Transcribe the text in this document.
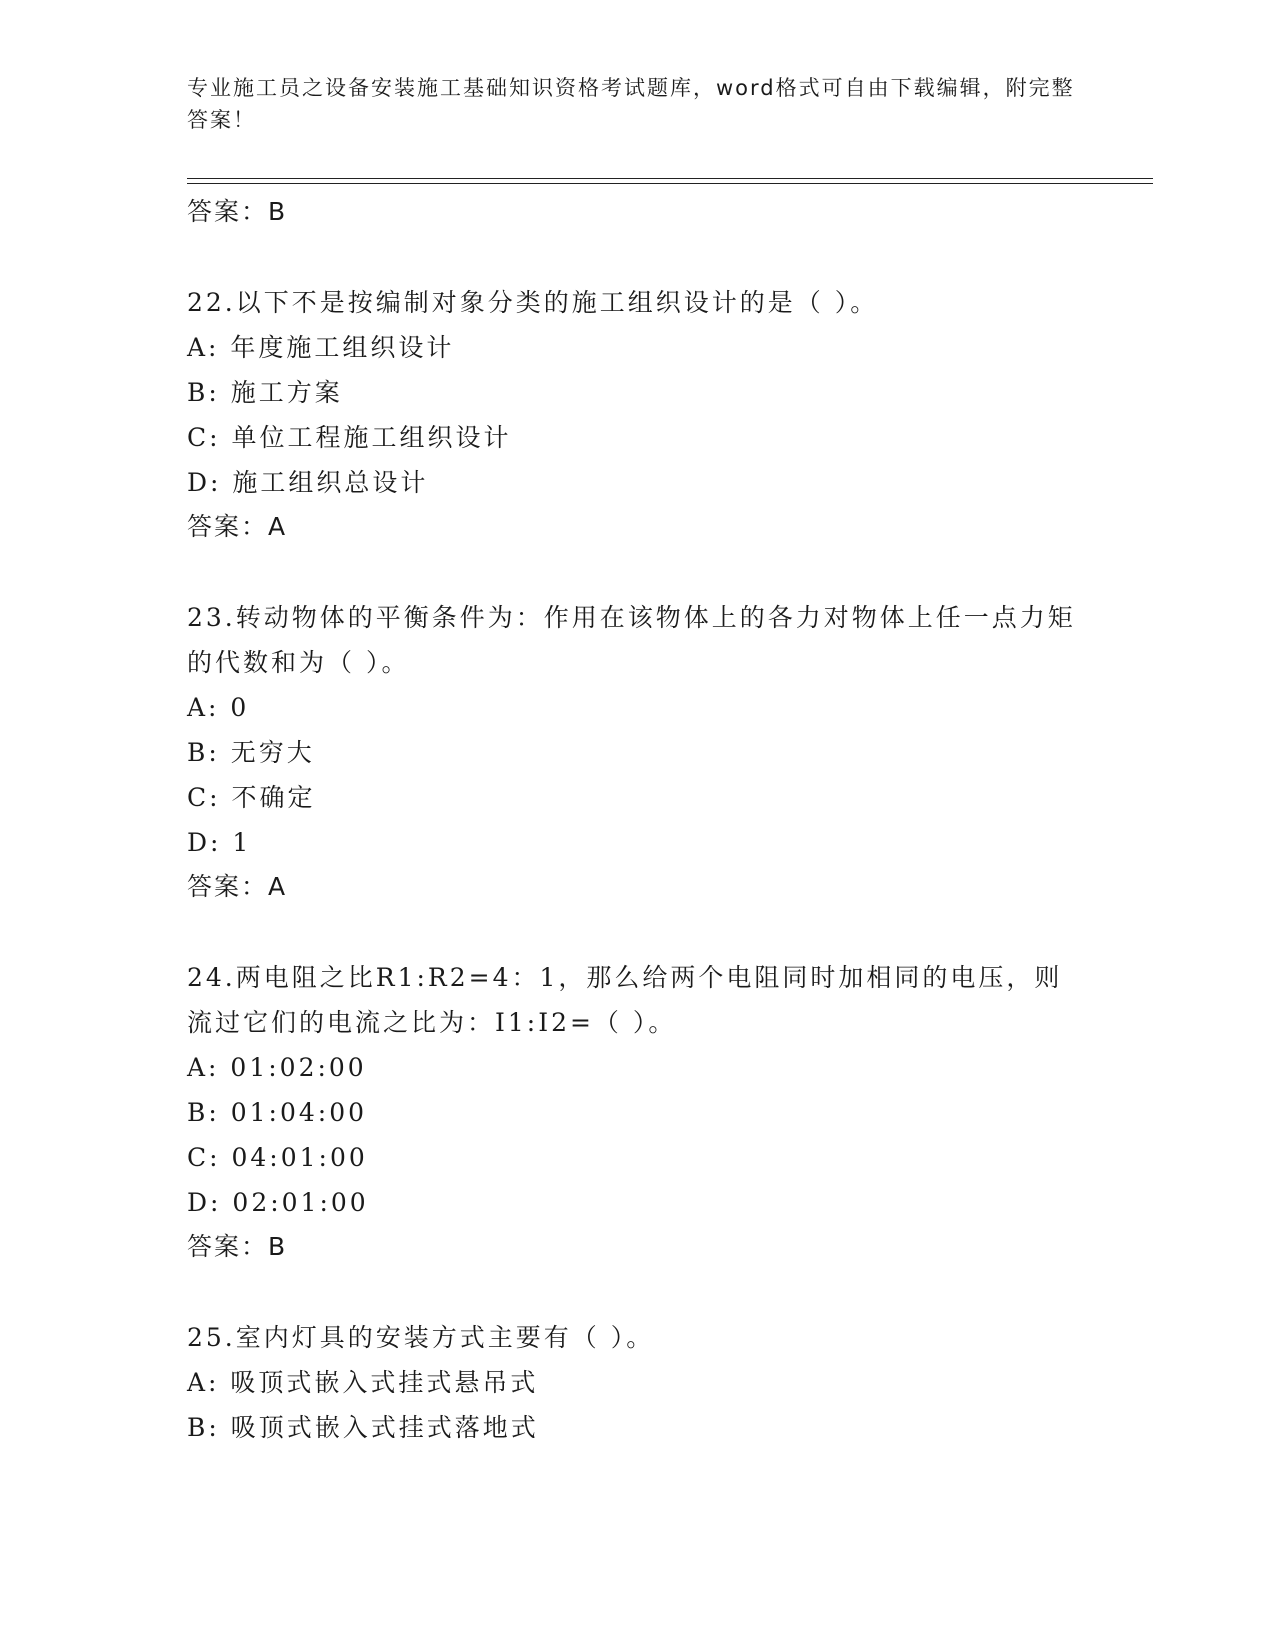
专业施工员之设备安装施工基础知识资格考试题库，word格式可自由下载编辑，附完整答案！
答案：B
22.以下不是按编制对象分类的施工组织设计的是（ ）。
A: 年度施工组织设计
B: 施工方案
C: 单位工程施工组织设计
D: 施工组织总设计
答案：A
23.转动物体的平衡条件为：作用在该物体上的各力对物体上任一点力矩的代数和为（ ）。
A: 0
B: 无穷大
C: 不确定
D: 1
答案：A
24.两电阻之比R1:R2=4：1，那么给两个电阻同时加相同的电压，则流过它们的电流之比为：I1:I2=（ ）。
A: 01:02:00
B: 01:04:00
C: 04:01:00
D: 02:01:00
答案：B
25.室内灯具的安装方式主要有（ ）。
A: 吸顶式嵌入式挂式悬吊式
B: 吸顶式嵌入式挂式落地式
